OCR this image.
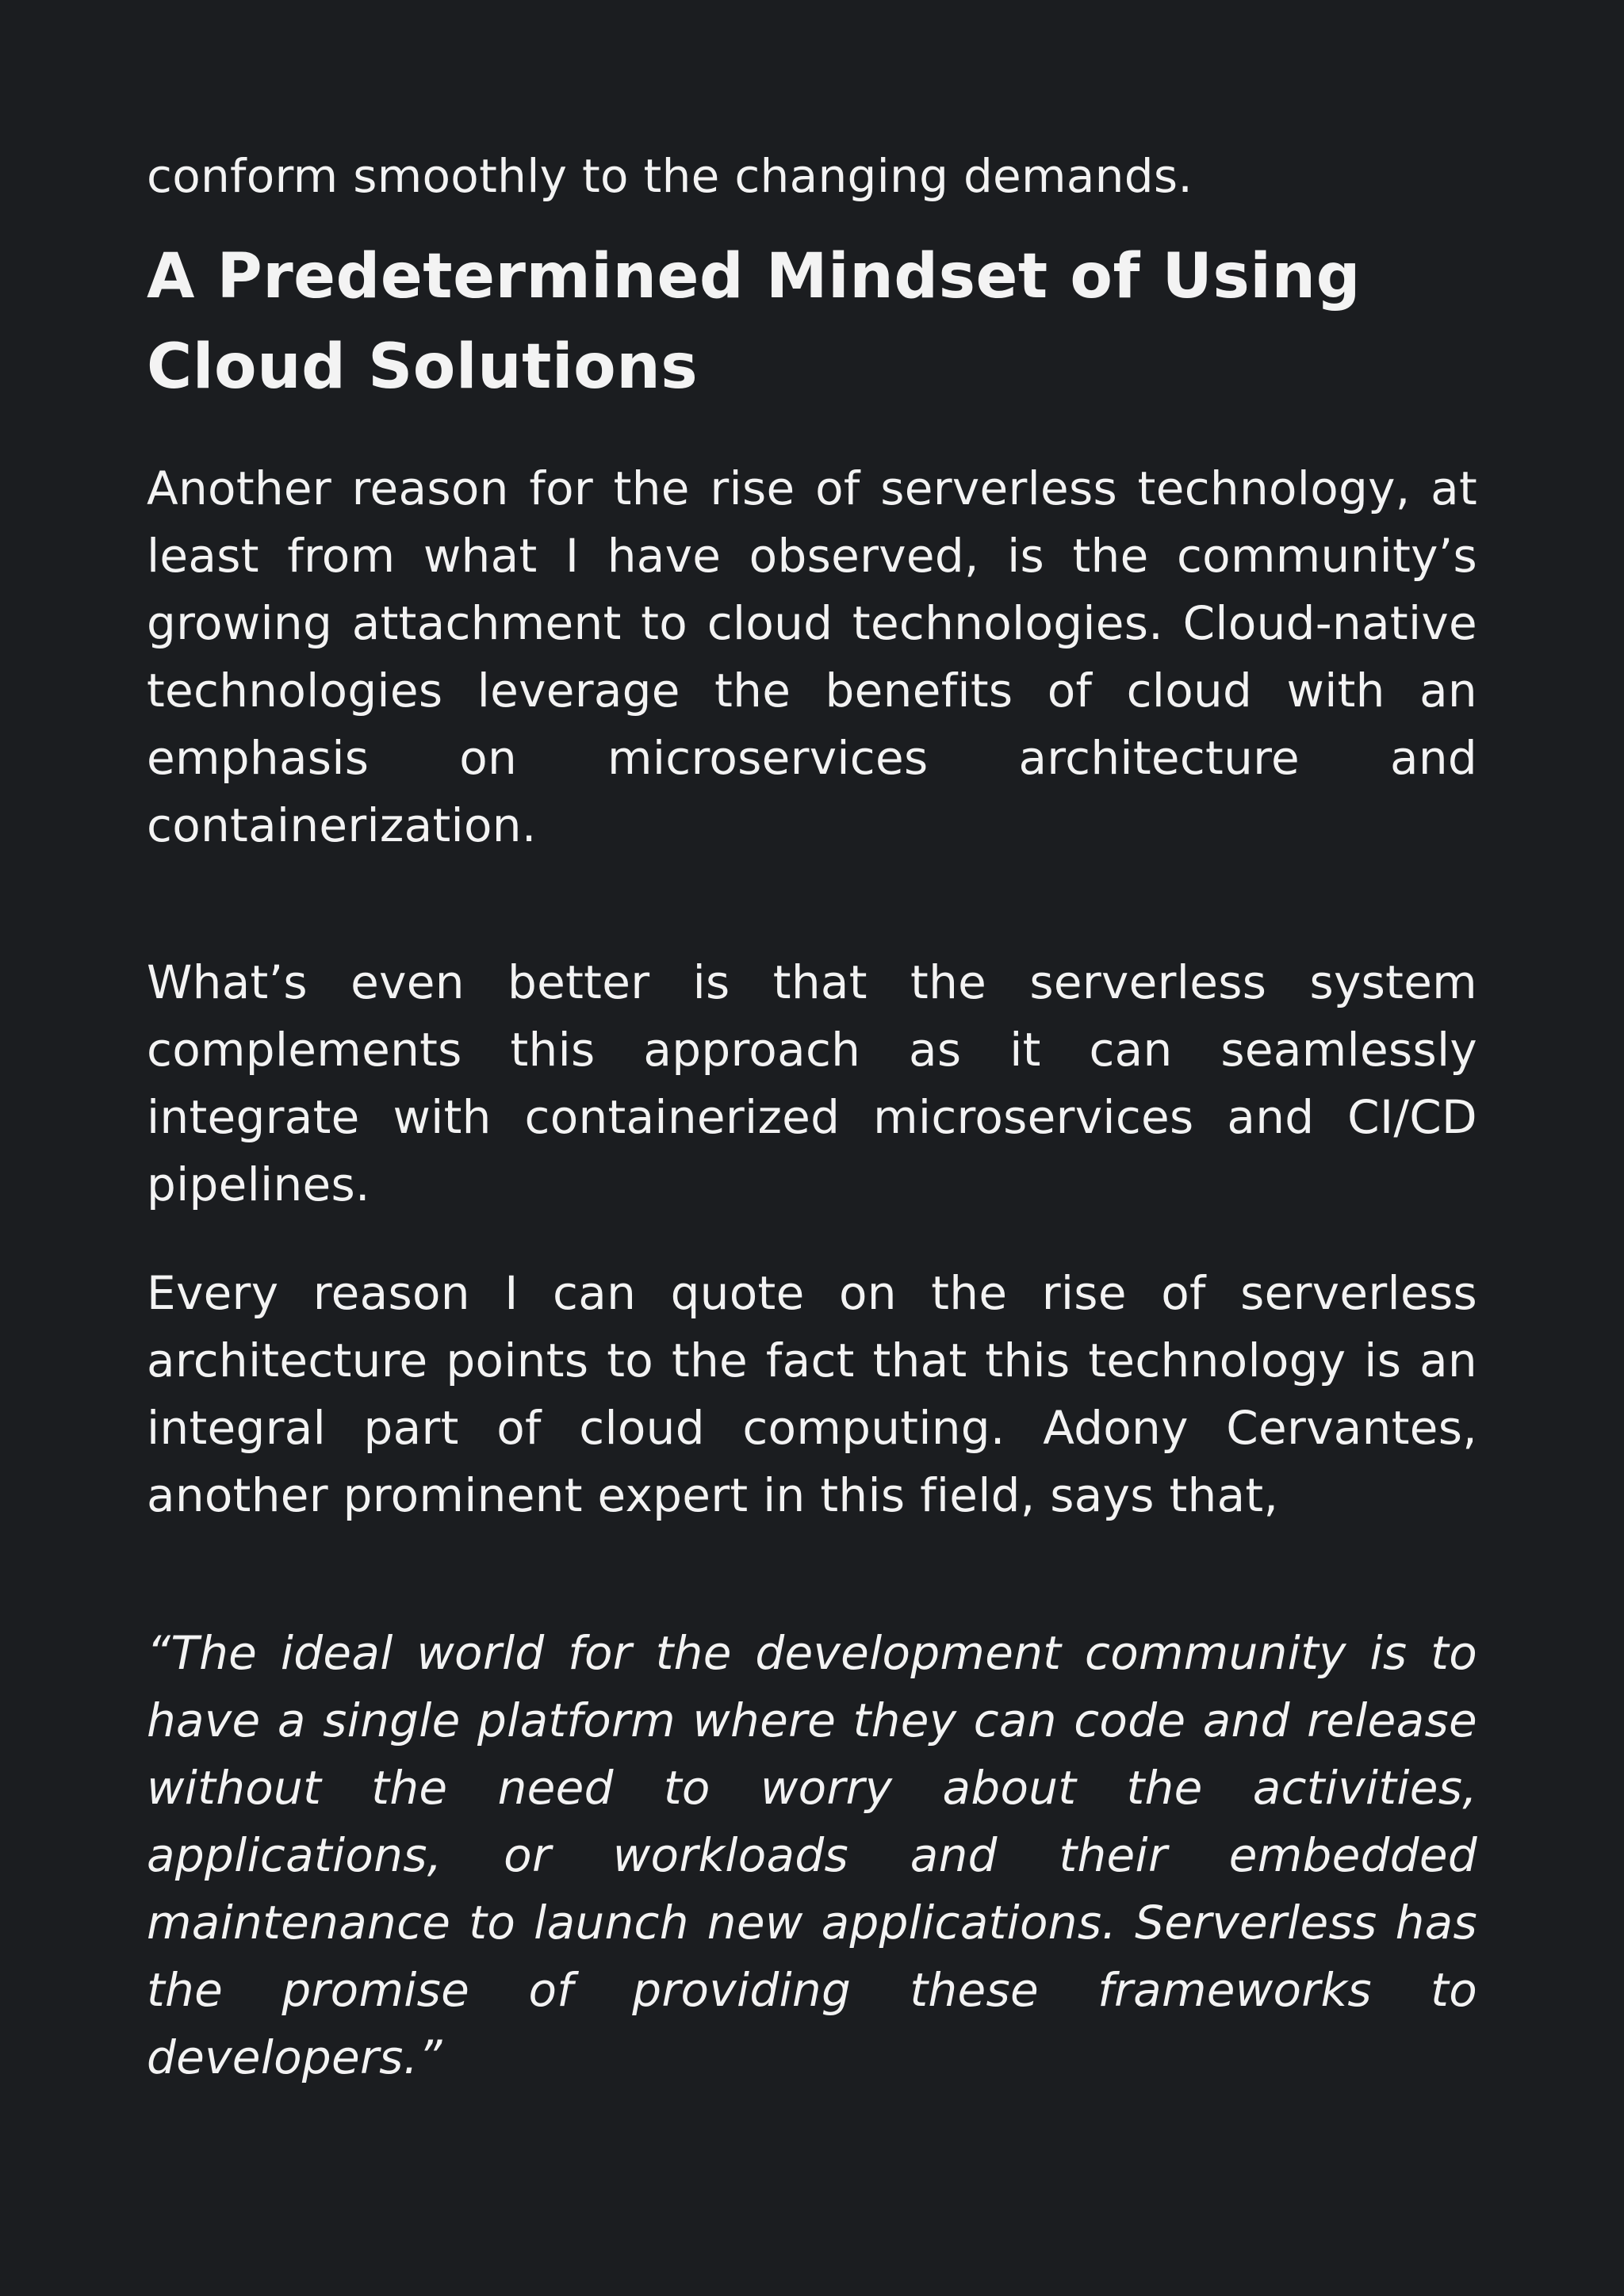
conform smoothly to the changing demands.

A Predetermined Mindset of Using Cloud Solutions

Another reason for the rise of serverless technology, at least from what I have observed, is the community’s growing attachment to cloud technologies. Cloud-native technologies leverage the benefits of cloud with an emphasis on microservices architecture and containerization.

What’s even better is that the serverless system complements this approach as it can seamlessly integrate with containerized microservices and CI/CD pipelines.

Every reason I can quote on the rise of serverless architecture points to the fact that this technology is an integral part of cloud computing. Adony Cervantes, another prominent expert in this field, says that,

“The ideal world for the development community is to have a single platform where they can code and release without the need to worry about the activities, applications, or workloads and their embedded maintenance to launch new applications. Serverless has the promise of providing these frameworks to developers.”
